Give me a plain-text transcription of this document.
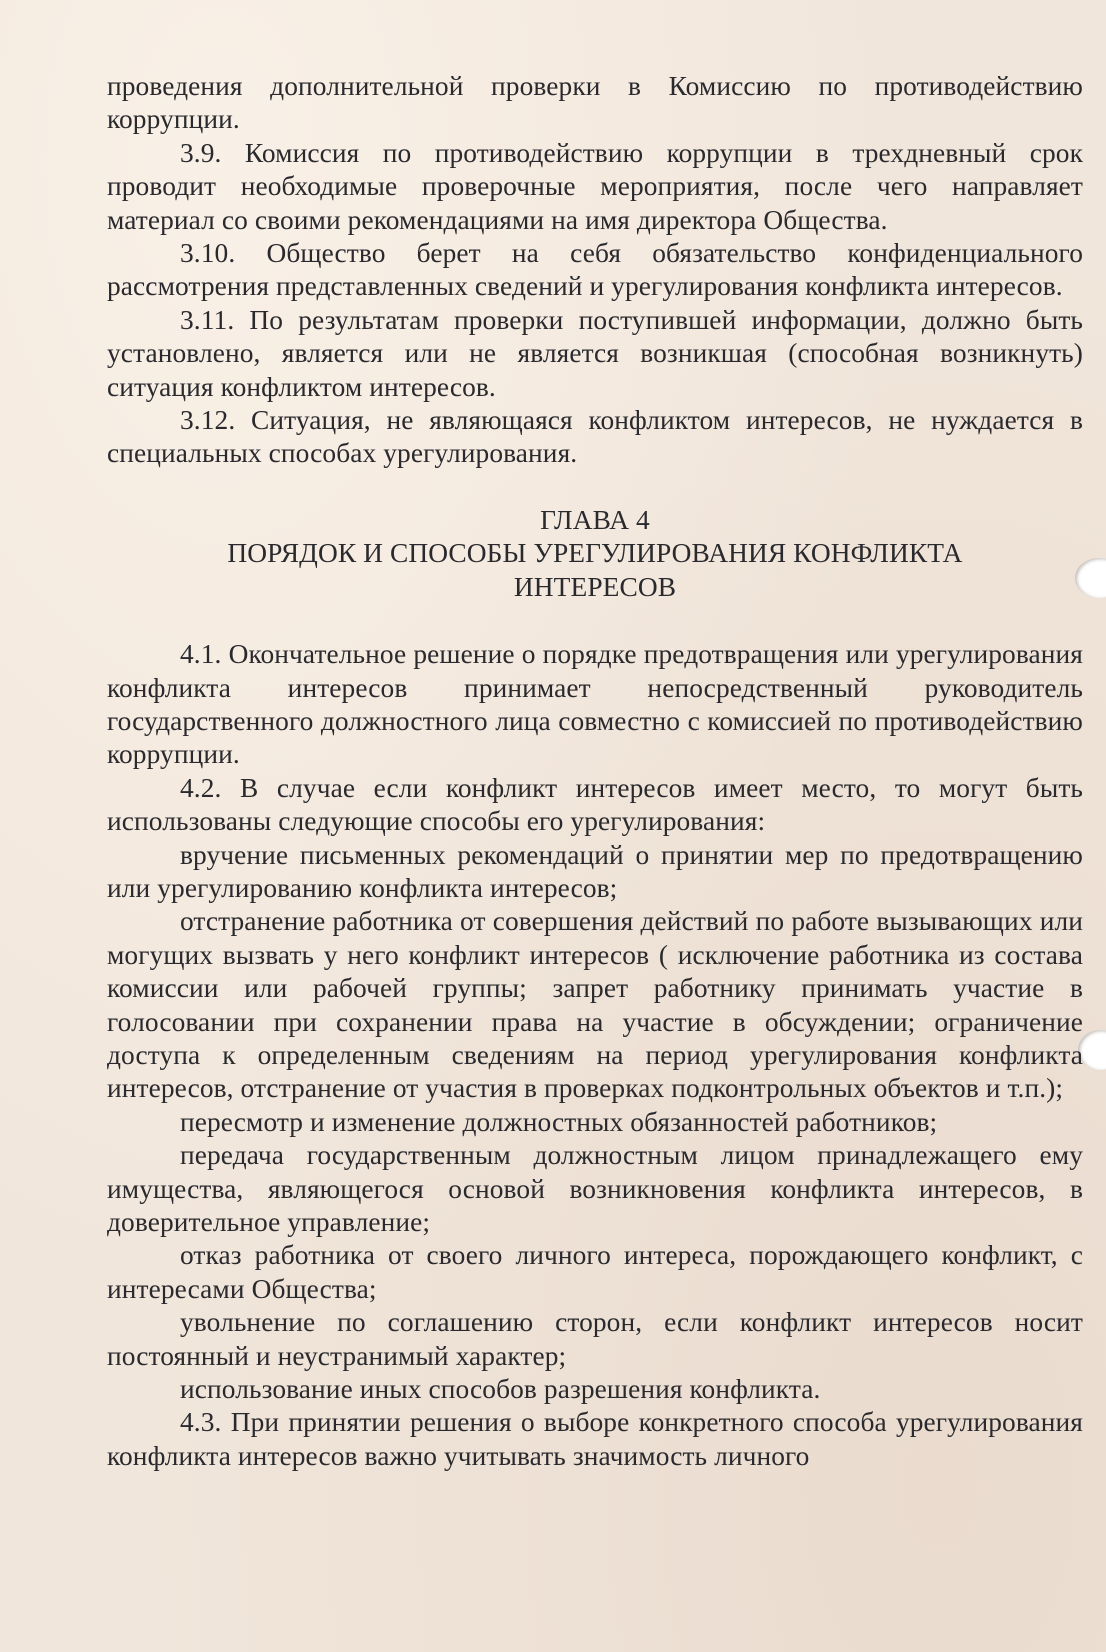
проведения дополнительной проверки в Комиссию по противодействию коррупции.

3.9. Комиссия по противодействию коррупции в трехдневный срок проводит необходимые проверочные мероприятия, после чего направляет материал со своими рекомендациями на имя директора Общества.

3.10. Общество берет на себя обязательство конфиденциального рассмотрения представленных сведений и урегулирования конфликта интересов.

3.11. По результатам проверки поступившей информации, должно быть установлено, является или не является возникшая (способная возникнуть) ситуация конфликтом интересов.

3.12. Ситуация, не являющаяся конфликтом интересов, не нуждается в специальных способах урегулирования.

ГЛАВА 4

ПОРЯДОК И СПОСОБЫ УРЕГУЛИРОВАНИЯ КОНФЛИКТА

ИНТЕРЕСОВ

4.1. Окончательное решение о порядке предотвращения или урегулирования конфликта интересов принимает непосредственный руководитель государственного должностного лица совместно с комиссией по противодействию коррупции.

4.2. В случае если конфликт интересов имеет место, то могут быть использованы следующие способы его урегулирования:

вручение письменных рекомендаций о принятии мер по предотвращению или урегулированию конфликта интересов;

отстранение работника от совершения действий по работе вызывающих или могущих вызвать у него конфликт интересов ( исключение работника из состава комиссии или рабочей группы; запрет работнику принимать участие в голосовании при сохранении права на участие в обсуждении; ограничение доступа к определенным сведениям на период урегулирования конфликта интересов, отстранение от участия в проверках подконтрольных объектов и т.п.);

пересмотр и изменение должностных обязанностей работников;

передача государственным должностным лицом принадлежащего ему имущества, являющегося основой возникновения конфликта интересов, в доверительное управление;

отказ работника от своего личного интереса, порождающего конфликт, с интересами Общества;

увольнение по соглашению сторон, если конфликт интересов носит постоянный и неустранимый характер;

использование иных способов разрешения конфликта.

4.3. При принятии решения о выборе конкретного способа урегулирования конфликта интересов важно учитывать значимость личного
